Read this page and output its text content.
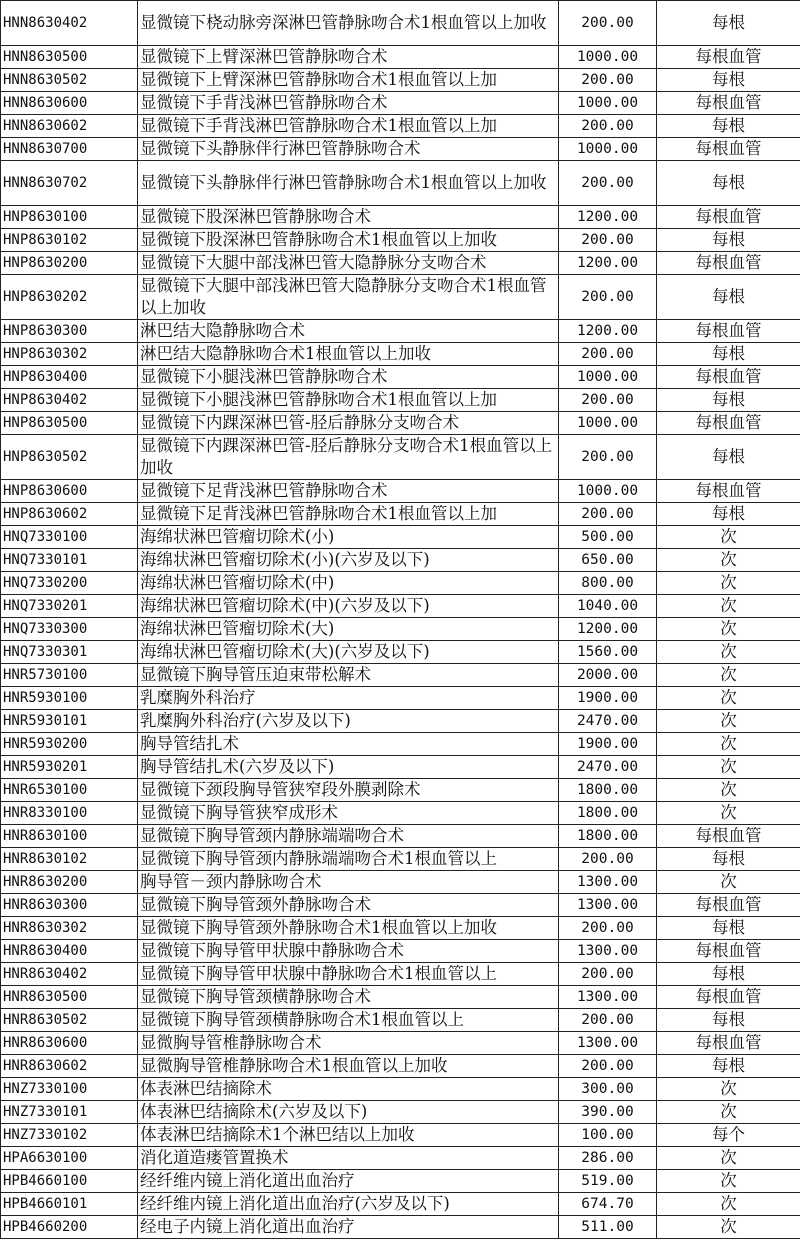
HNN8630402	显微镜下桡动脉旁深淋巴管静脉吻合术1根血管以上加收	200.00	每根
HNN8630500	显微镜下上臂深淋巴管静脉吻合术	1000.00	每根血管
HNN8630502	显微镜下上臂深淋巴管静脉吻合术1根血管以上加	200.00	每根
HNN8630600	显微镜下手背浅淋巴管静脉吻合术	1000.00	每根血管
HNN8630602	显微镜下手背浅淋巴管静脉吻合术1根血管以上加	200.00	每根
HNN8630700	显微镜下头静脉伴行淋巴管静脉吻合术	1000.00	每根血管
HNN8630702	显微镜下头静脉伴行淋巴管静脉吻合术1根血管以上加收	200.00	每根
HNP8630100	显微镜下股深淋巴管静脉吻合术	1200.00	每根血管
HNP8630102	显微镜下股深淋巴管静脉吻合术1根血管以上加收	200.00	每根
HNP8630200	显微镜下大腿中部浅淋巴管大隐静脉分支吻合术	1200.00	每根血管
HNP8630202	显微镜下大腿中部浅淋巴管大隐静脉分支吻合术1根血管以上加收	200.00	每根
HNP8630300	淋巴结大隐静脉吻合术	1200.00	每根血管
HNP8630302	淋巴结大隐静脉吻合术1根血管以上加收	200.00	每根
HNP8630400	显微镜下小腿浅淋巴管静脉吻合术	1000.00	每根血管
HNP8630402	显微镜下小腿浅淋巴管静脉吻合术1根血管以上加	200.00	每根
HNP8630500	显微镜下内踝深淋巴管-胫后静脉分支吻合术	1000.00	每根血管
HNP8630502	显微镜下内踝深淋巴管-胫后静脉分支吻合术1根血管以上加收	200.00	每根
HNP8630600	显微镜下足背浅淋巴管静脉吻合术	1000.00	每根血管
HNP8630602	显微镜下足背浅淋巴管静脉吻合术1根血管以上加	200.00	每根
HNQ7330100	海绵状淋巴管瘤切除术(小)	500.00	次
HNQ7330101	海绵状淋巴管瘤切除术(小)(六岁及以下)	650.00	次
HNQ7330200	海绵状淋巴管瘤切除术(中)	800.00	次
HNQ7330201	海绵状淋巴管瘤切除术(中)(六岁及以下)	1040.00	次
HNQ7330300	海绵状淋巴管瘤切除术(大)	1200.00	次
HNQ7330301	海绵状淋巴管瘤切除术(大)(六岁及以下)	1560.00	次
HNR5730100	显微镜下胸导管压迫束带松解术	2000.00	次
HNR5930100	乳糜胸外科治疗	1900.00	次
HNR5930101	乳糜胸外科治疗(六岁及以下)	2470.00	次
HNR5930200	胸导管结扎术	1900.00	次
HNR5930201	胸导管结扎术(六岁及以下)	2470.00	次
HNR6530100	显微镜下颈段胸导管狭窄段外膜剥除术	1800.00	次
HNR8330100	显微镜下胸导管狭窄成形术	1800.00	次
HNR8630100	显微镜下胸导管颈内静脉端端吻合术	1800.00	每根血管
HNR8630102	显微镜下胸导管颈内静脉端端吻合术1根血管以上	200.00	每根
HNR8630200	胸导管－颈内静脉吻合术	1300.00	次
HNR8630300	显微镜下胸导管颈外静脉吻合术	1300.00	每根血管
HNR8630302	显微镜下胸导管颈外静脉吻合术1根血管以上加收	200.00	每根
HNR8630400	显微镜下胸导管甲状腺中静脉吻合术	1300.00	每根血管
HNR8630402	显微镜下胸导管甲状腺中静脉吻合术1根血管以上	200.00	每根
HNR8630500	显微镜下胸导管颈横静脉吻合术	1300.00	每根血管
HNR8630502	显微镜下胸导管颈横静脉吻合术1根血管以上	200.00	每根
HNR8630600	显微胸导管椎静脉吻合术	1300.00	每根血管
HNR8630602	显微胸导管椎静脉吻合术1根血管以上加收	200.00	每根
HNZ7330100	体表淋巴结摘除术	300.00	次
HNZ7330101	体表淋巴结摘除术(六岁及以下)	390.00	次
HNZ7330102	体表淋巴结摘除术1个淋巴结以上加收	100.00	每个
HPA6630100	消化道造瘘管置换术	286.00	次
HPB4660100	经纤维内镜上消化道出血治疗	519.00	次
HPB4660101	经纤维内镜上消化道出血治疗(六岁及以下)	674.70	次
HPB4660200	经电子内镜上消化道出血治疗	511.00	次
